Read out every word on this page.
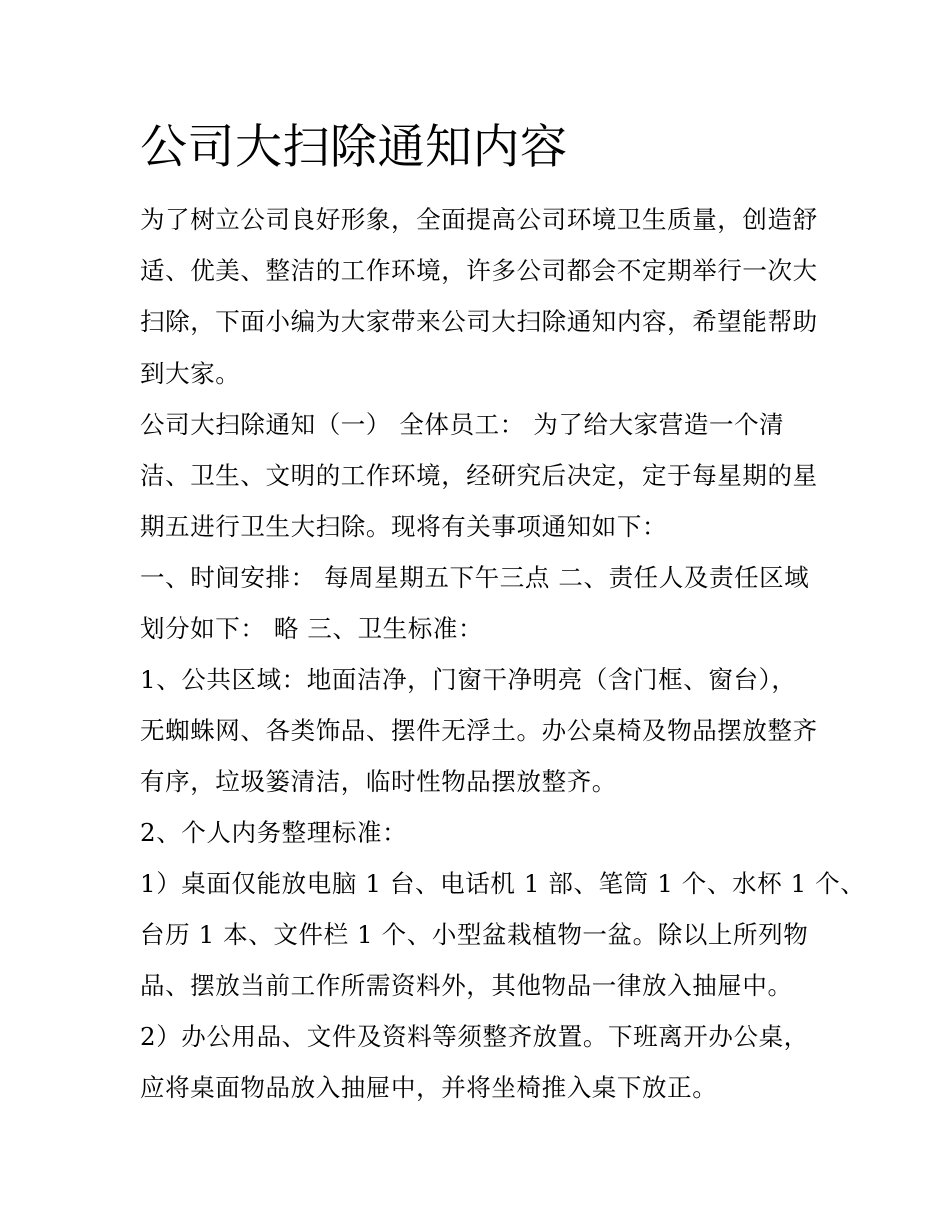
公司大扫除通知内容

为了树立公司良好形象，全面提高公司环境卫生质量，创造舒

适、优美、整洁的工作环境，许多公司都会不定期举行一次大

扫除，下面小编为大家带来公司大扫除通知内容，希望能帮助

到大家。

公司大扫除通知（一） 全体员工： 为了给大家营造一个清

洁、卫生、文明的工作环境，经研究后决定，定于每星期的星

期五进行卫生大扫除。现将有关事项通知如下：

一、时间安排： 每周星期五下午三点 二、责任人及责任区域

划分如下： 略 三、卫生标准：

1、公共区域：地面洁净，门窗干净明亮（含门框、窗台），

无蜘蛛网、各类饰品、摆件无浮土。办公桌椅及物品摆放整齐

有序，垃圾篓清洁，临时性物品摆放整齐。

2、个人内务整理标准：

1）桌面仅能放电脑 1 台、电话机 1 部、笔筒 1 个、水杯 1 个、

台历 1 本、文件栏 1 个、小型盆栽植物一盆。除以上所列物

品、摆放当前工作所需资料外，其他物品一律放入抽屉中。

2）办公用品、文件及资料等须整齐放置。下班离开办公桌，

应将桌面物品放入抽屉中，并将坐椅推入桌下放正。
